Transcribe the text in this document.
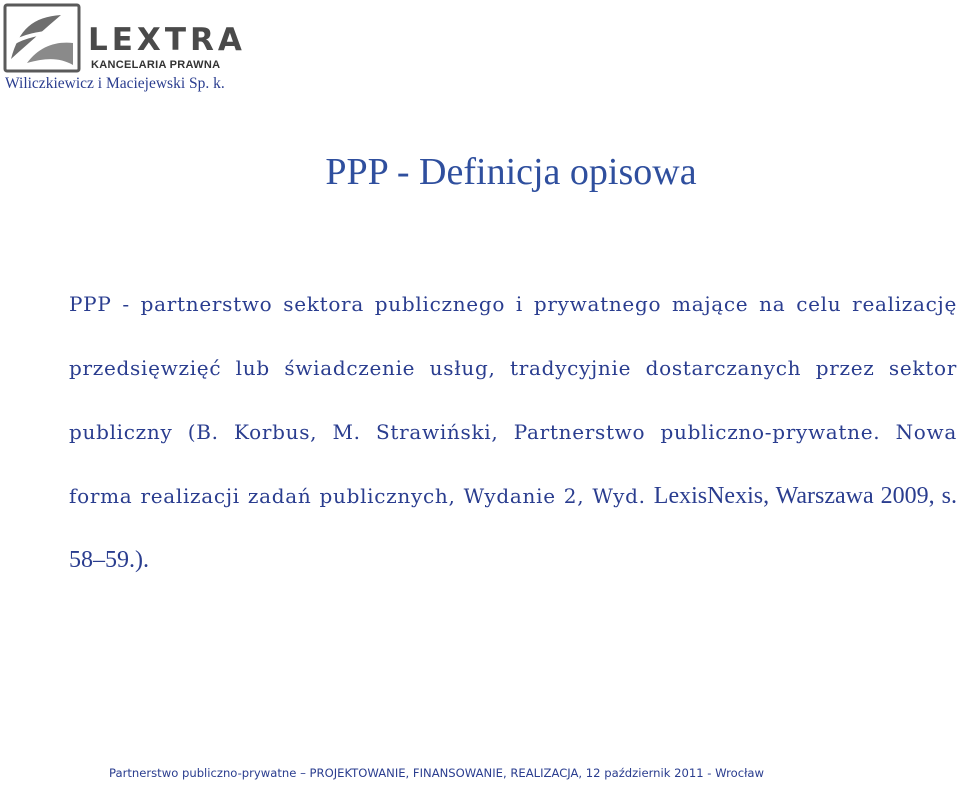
LEXTRA
KANCELARIA PRAWNA
Wiliczkiewicz i Maciejewski Sp. k.
PPP - Definicja opisowa

PPP - partnerstwo sektora publicznego i prywatnego mające na celu realizację przedsięwzięć lub świadczenie usług, tradycyjnie dostarczanych przez sektor publiczny (B. Korbus, M. Strawiński, Partnerstwo publiczno-prywatne. Nowa forma realizacji zadań publicznych, Wydanie 2, Wyd. LexisNexis, Warszawa 2009, s. 58–59.).

Partnerstwo publiczno-prywatne – PROJEKTOWANIE, FINANSOWANIE, REALIZACJA, 12 październik 2011 - Wrocław
